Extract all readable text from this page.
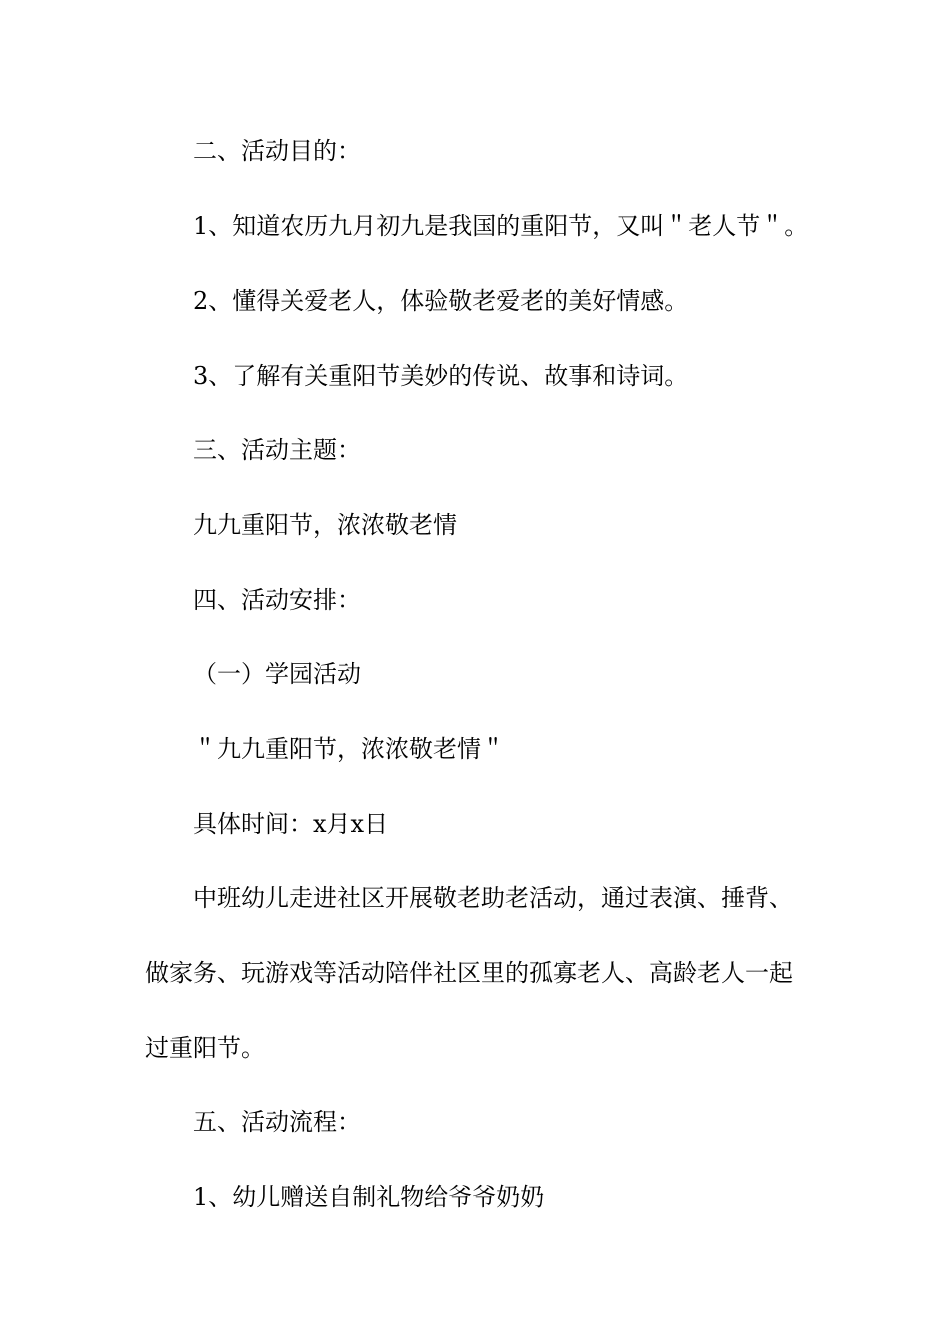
二、活动目的：
1、知道农历九月初九是我国的重阳节，又叫＂老人节＂。
2、懂得关爱老人，体验敬老爱老的美好情感。
3、了解有关重阳节美妙的传说、故事和诗词。
三、活动主题：
九九重阳节，浓浓敬老情
四、活动安排：
（一）学园活动
＂九九重阳节，浓浓敬老情＂
具体时间：x月x日
中班幼儿走进社区开展敬老助老活动，通过表演、捶背、
做家务、玩游戏等活动陪伴社区里的孤寡老人、高龄老人一起
过重阳节。
五、活动流程：
1、幼儿赠送自制礼物给爷爷奶奶
